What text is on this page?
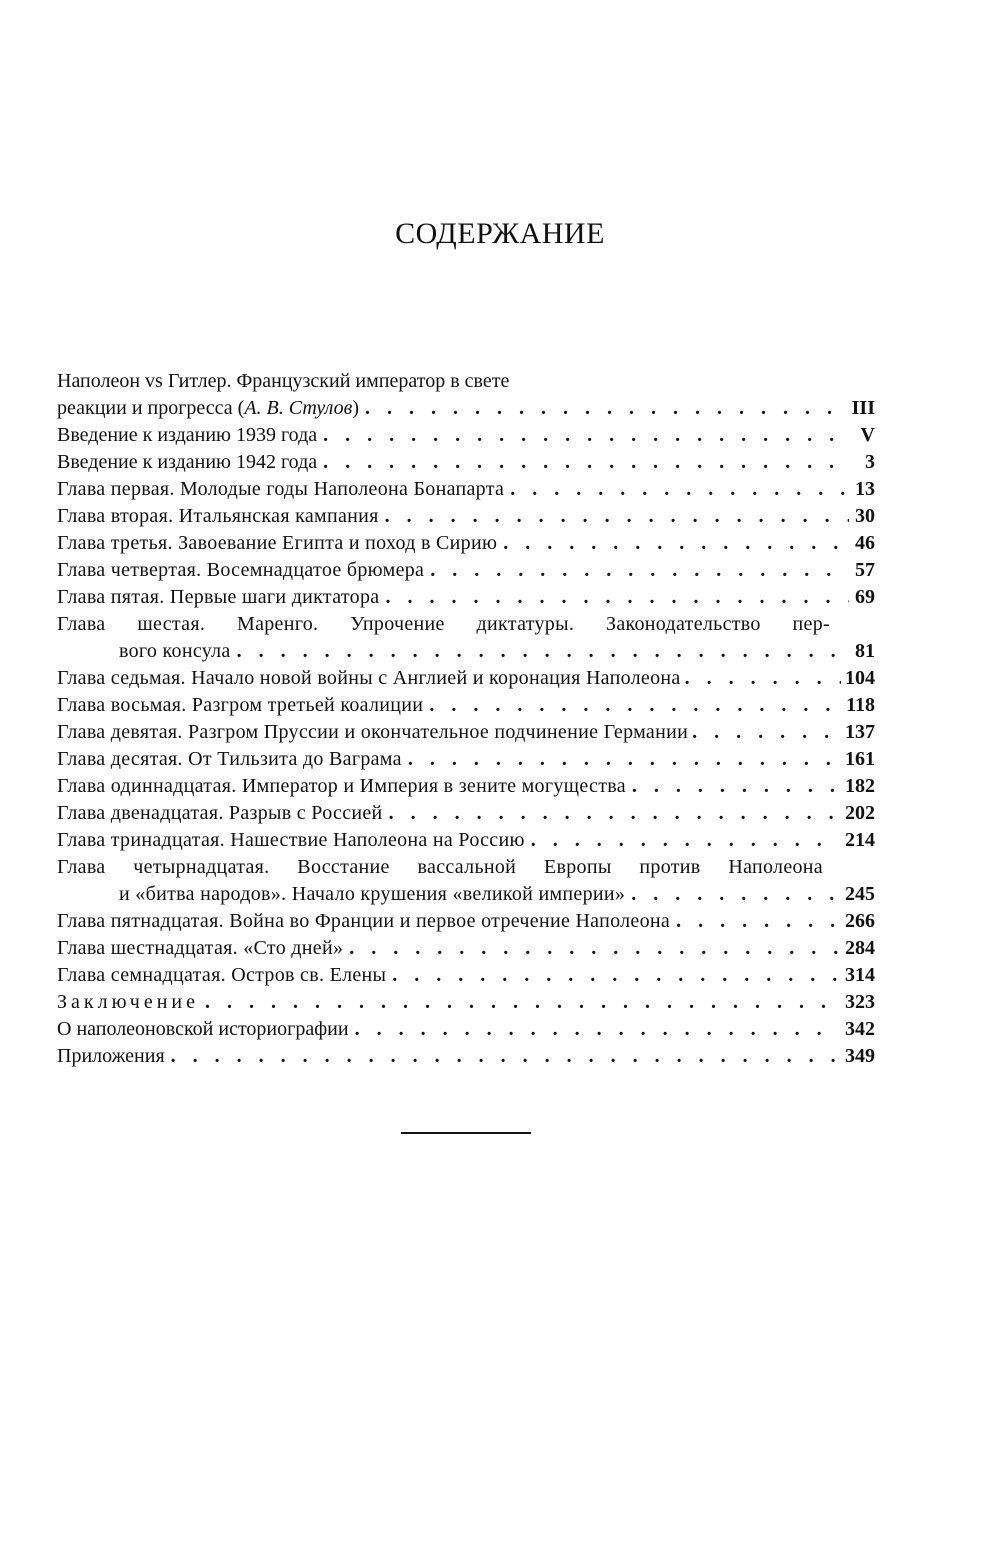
СОДЕРЖАНИЕ
Наполеон vs Гитлер. Французский император в свете
реакции и прогресса (А. В. Стулов) . . .	III
Введение к изданию 1939 года . . .	V
Введение к изданию 1942 года . . .	3
Глава первая. Молодые годы Наполеона Бонапарта . . .	13
Глава вторая. Итальянская кампания . . .	30
Глава третья. Завоевание Египта и поход в Сирию . . .	46
Глава четвертая. Восемнадцатое брюмера . . .	57
Глава пятая. Первые шаги диктатора . . .	69
Глава шестая. Маренго. Упрочение диктатуры. Законодательство пер-
вого консула . . .	81
Глава седьмая. Начало новой войны с Англией и коронация Наполеона . . .	104
Глава восьмая. Разгром третьей коалиции . . .	118
Глава девятая. Разгром Пруссии и окончательное подчинение Германии . . .	137
Глава десятая. От Тильзита до Ваграма . . .	161
Глава одиннадцатая. Император и Империя в зените могущества . . .	182
Глава двенадцатая. Разрыв с Россией . . .	202
Глава тринадцатая. Нашествие Наполеона на Россию . . .	214
Глава четырнадцатая. Восстание вассальной Европы против Наполеона
и «битва народов». Начало крушения «великой империи» . . .	245
Глава пятнадцатая. Война во Франции и первое отречение Наполеона . . .	266
Глава шестнадцатая. «Сто дней» . . .	284
Глава семнадцатая. Остров св. Елены . . .	314
Заключение . . .	323
О наполеоновской историографии . . .	342
Приложения . . .	349
